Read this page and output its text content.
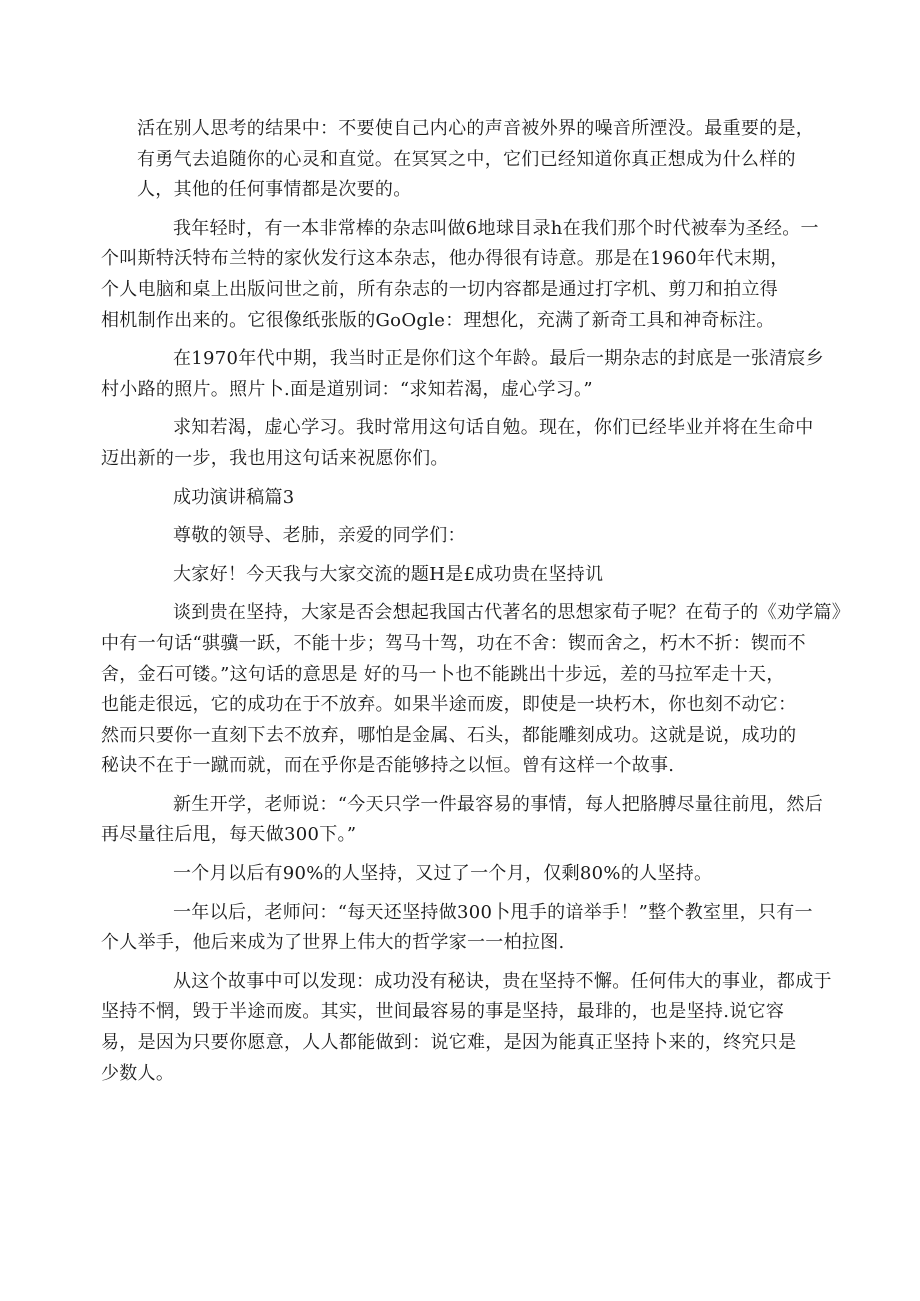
活在别人思考的结果中：不要使自己内心的声音被外界的噪音所湮没。最重要的是，
有勇气去追随你的心灵和直觉。在冥冥之中，它们已经知道你真正想成为什么样的
人，其他的任何事情都是次要的。

我年轻时，有一本非常棒的杂志叫做6地球目录h在我们那个时代被奉为圣经。一
个叫斯特沃特布兰特的家伙发行这本杂志，他办得很有诗意。那是在1960年代末期，
个人电脑和桌上出版问世之前，所有杂志的一切内容都是通过打字机、剪刀和拍立得
相机制作出来的。它很像纸张版的GoOgle：理想化，充满了新奇工具和神奇标注。

在1970年代中期，我当时正是你们这个年龄。最后一期杂志的封底是一张清宸乡
村小路的照片。照片卜.面是道别词：“求知若渴，虚心学习。”

求知若渴，虚心学习。我时常用这句话自勉。现在，你们已经毕业并将在生命中
迈出新的一步，我也用这句话来祝愿你们。

成功演讲稿篇3

尊敬的领导、老肺，亲爱的同学们：

大家好！今天我与大家交流的题H是£成功贵在坚持讥

谈到贵在坚持，大家是否会想起我国古代著名的思想家荀子呢？在荀子的《劝学篇》
中有一句话“骐骥一跃，不能十步；驾马十驾，功在不舍：锲而舍之，朽木不折：锲而不
舍，金石可镂。”这句话的意思是 好的马一卜也不能跳出十步远，差的马拉军走十天，
也能走很远，它的成功在于不放弃。如果半途而废，即使是一块朽木，你也刻不动它：
然而只要你一直刻下去不放弃，哪怕是金属、石头，都能雕刻成功。这就是说，成功的
秘诀不在于一蹴而就，而在乎你是否能够持之以恒。曾有这样一个故事.

新生开学，老师说：“今天只学一件最容易的事情，每人把胳膊尽量往前甩，然后
再尽量往后甩，每天做300下。”

一个月以后有90%的人坚持，又过了一个月，仅剩80%的人坚持。

一年以后，老师问：“每天还坚持做300卜甩手的谙举手！”整个教室里，只有一
个人举手，他后来成为了世界上伟大的哲学家一一柏拉图.

从这个故事中可以发现：成功没有秘诀，贵在坚持不懈。任何伟大的事业，都成于
坚持不惘，毁于半途而废。其实，世间最容易的事是坚持，最琲的，也是坚持.说它容
易，是因为只要你愿意，人人都能做到：说它难，是因为能真正坚持卜来的，终究只是
少数人。
